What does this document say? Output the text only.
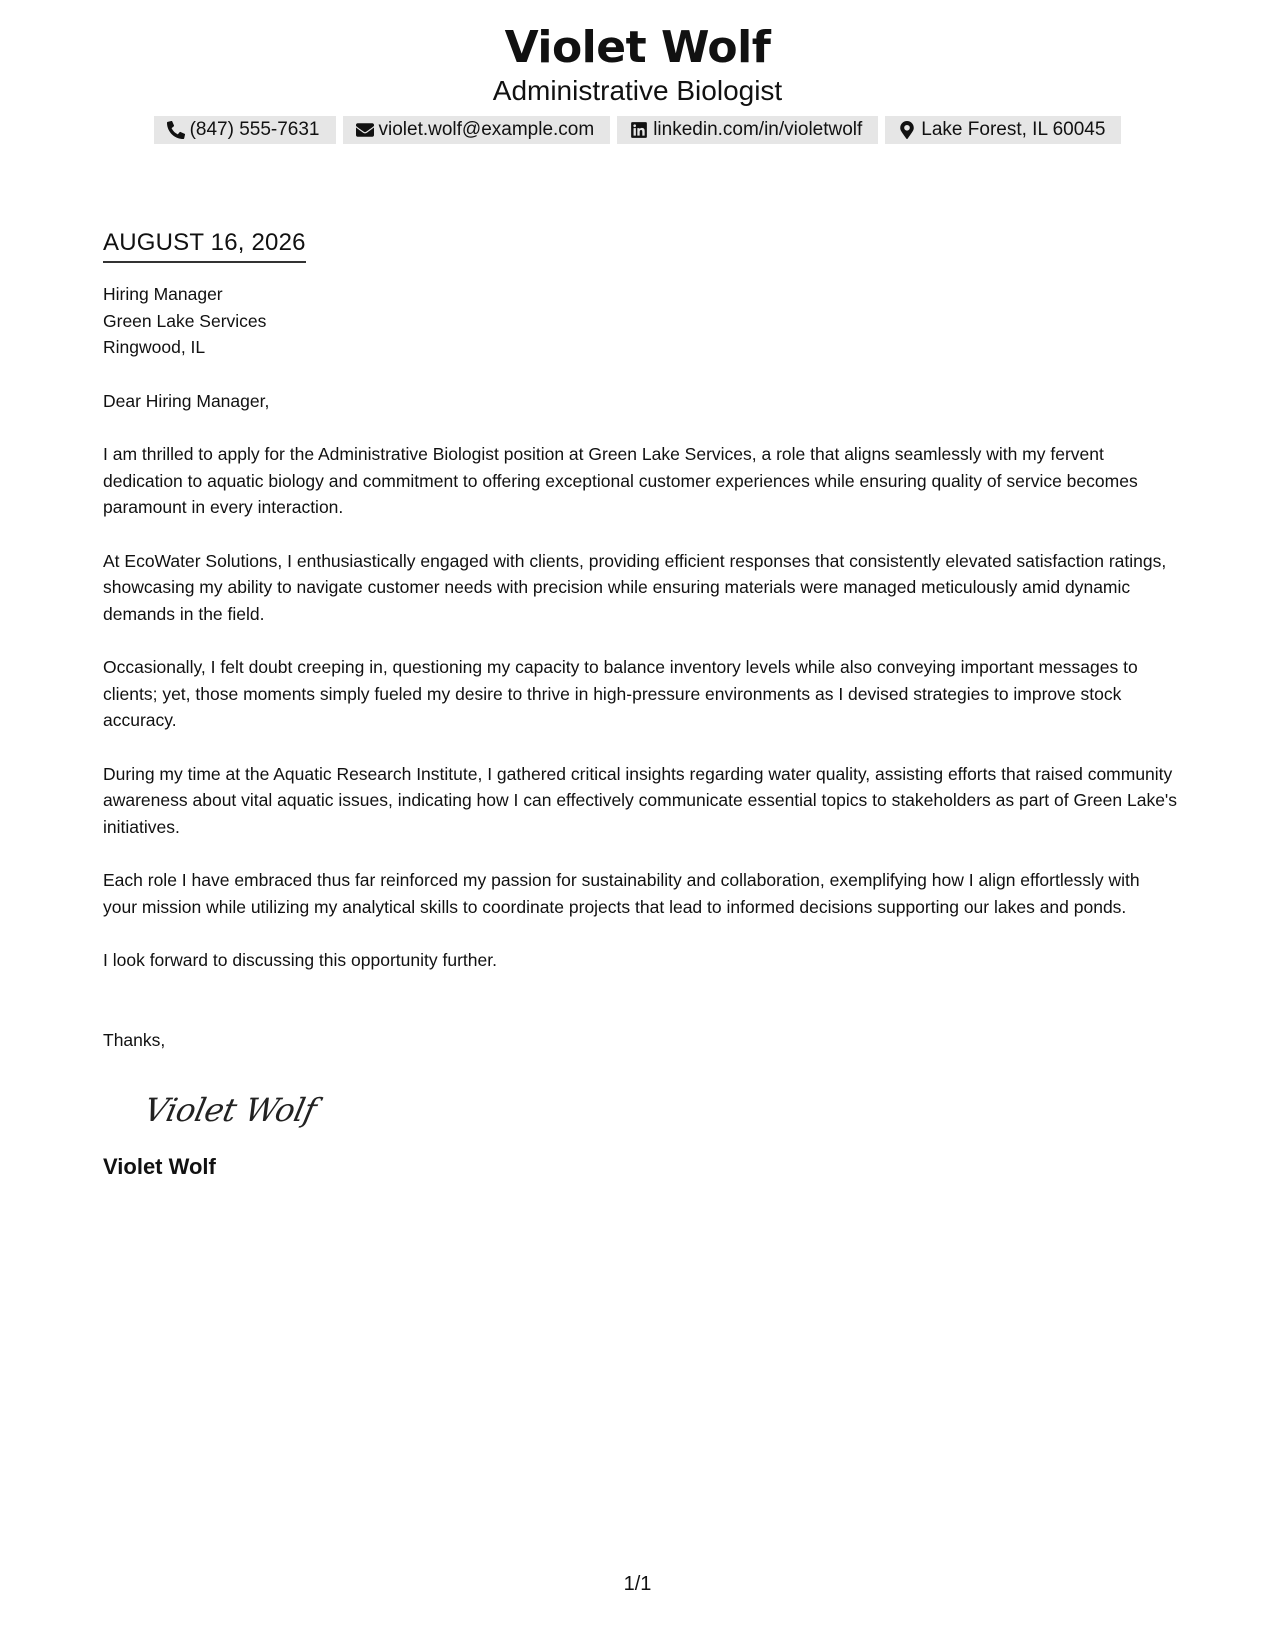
Violet Wolf
Administrative Biologist
(847) 555-7631	violet.wolf@example.com	linkedin.com/in/violetwolf	Lake Forest, IL 60045
AUGUST 16, 2026
Hiring Manager
Green Lake Services
Ringwood, IL

Dear Hiring Manager,

I am thrilled to apply for the Administrative Biologist position at Green Lake Services, a role that aligns seamlessly with my fervent dedication to aquatic biology and commitment to offering exceptional customer experiences while ensuring quality of service becomes paramount in every interaction.

At EcoWater Solutions, I enthusiastically engaged with clients, providing efficient responses that consistently elevated satisfaction ratings, showcasing my ability to navigate customer needs with precision while ensuring materials were managed meticulously amid dynamic demands in the field.

Occasionally, I felt doubt creeping in, questioning my capacity to balance inventory levels while also conveying important messages to clients; yet, those moments simply fueled my desire to thrive in high-pressure environments as I devised strategies to improve stock accuracy.

During my time at the Aquatic Research Institute, I gathered critical insights regarding water quality, assisting efforts that raised community awareness about vital aquatic issues, indicating how I can effectively communicate essential topics to stakeholders as part of Green Lake's initiatives.

Each role I have embraced thus far reinforced my passion for sustainability and collaboration, exemplifying how I align effortlessly with your mission while utilizing my analytical skills to coordinate projects that lead to informed decisions supporting our lakes and ponds.

I look forward to discussing this opportunity further.

Thanks,

Violet Wolf
Violet Wolf
1/1
